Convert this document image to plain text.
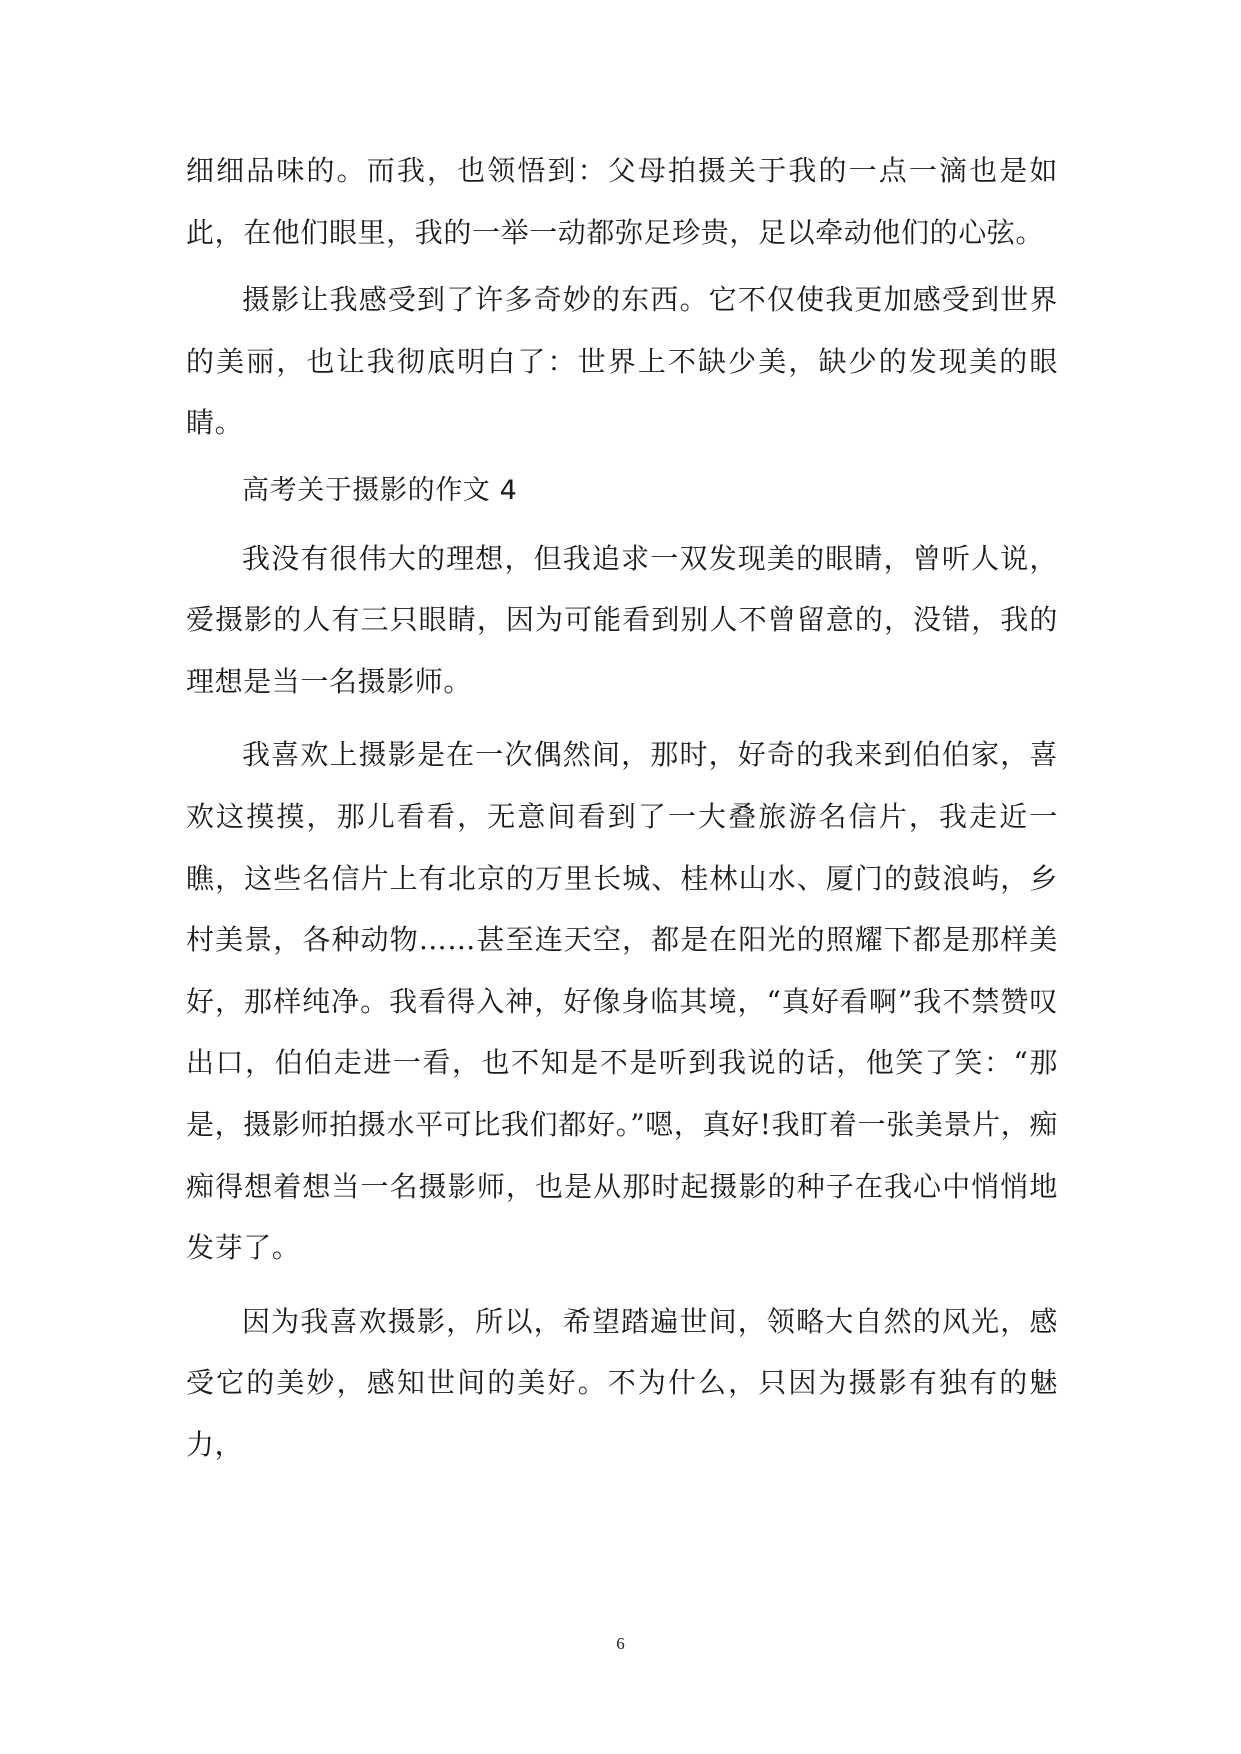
细细品味的。而我，也领悟到：父母拍摄关于我的一点一滴也是如此，在他们眼里，我的一举一动都弥足珍贵，足以牵动他们的心弦。

摄影让我感受到了许多奇妙的东西。它不仅使我更加感受到世界的美丽，也让我彻底明白了：世界上不缺少美，缺少的发现美的眼睛。

高考关于摄影的作文 4

我没有很伟大的理想，但我追求一双发现美的眼睛，曾听人说，爱摄影的人有三只眼睛，因为可能看到别人不曾留意的，没错，我的理想是当一名摄影师。

我喜欢上摄影是在一次偶然间，那时，好奇的我来到伯伯家，喜欢这摸摸，那儿看看，无意间看到了一大叠旅游名信片，我走近一瞧，这些名信片上有北京的万里长城、桂林山水、厦门的鼓浪屿，乡村美景，各种动物……甚至连天空，都是在阳光的照耀下都是那样美好，那样纯净。我看得入神，好像身临其境，“真好看啊”我不禁赞叹出口，伯伯走进一看，也不知是不是听到我说的话，他笑了笑：“那是，摄影师拍摄水平可比我们都好。”嗯，真好!我盯着一张美景片，痴痴得想着想当一名摄影师，也是从那时起摄影的种子在我心中悄悄地发芽了。

因为我喜欢摄影，所以，希望踏遍世间，领略大自然的风光，感受它的美妙，感知世间的美好。不为什么，只因为摄影有独有的魅力，

6
